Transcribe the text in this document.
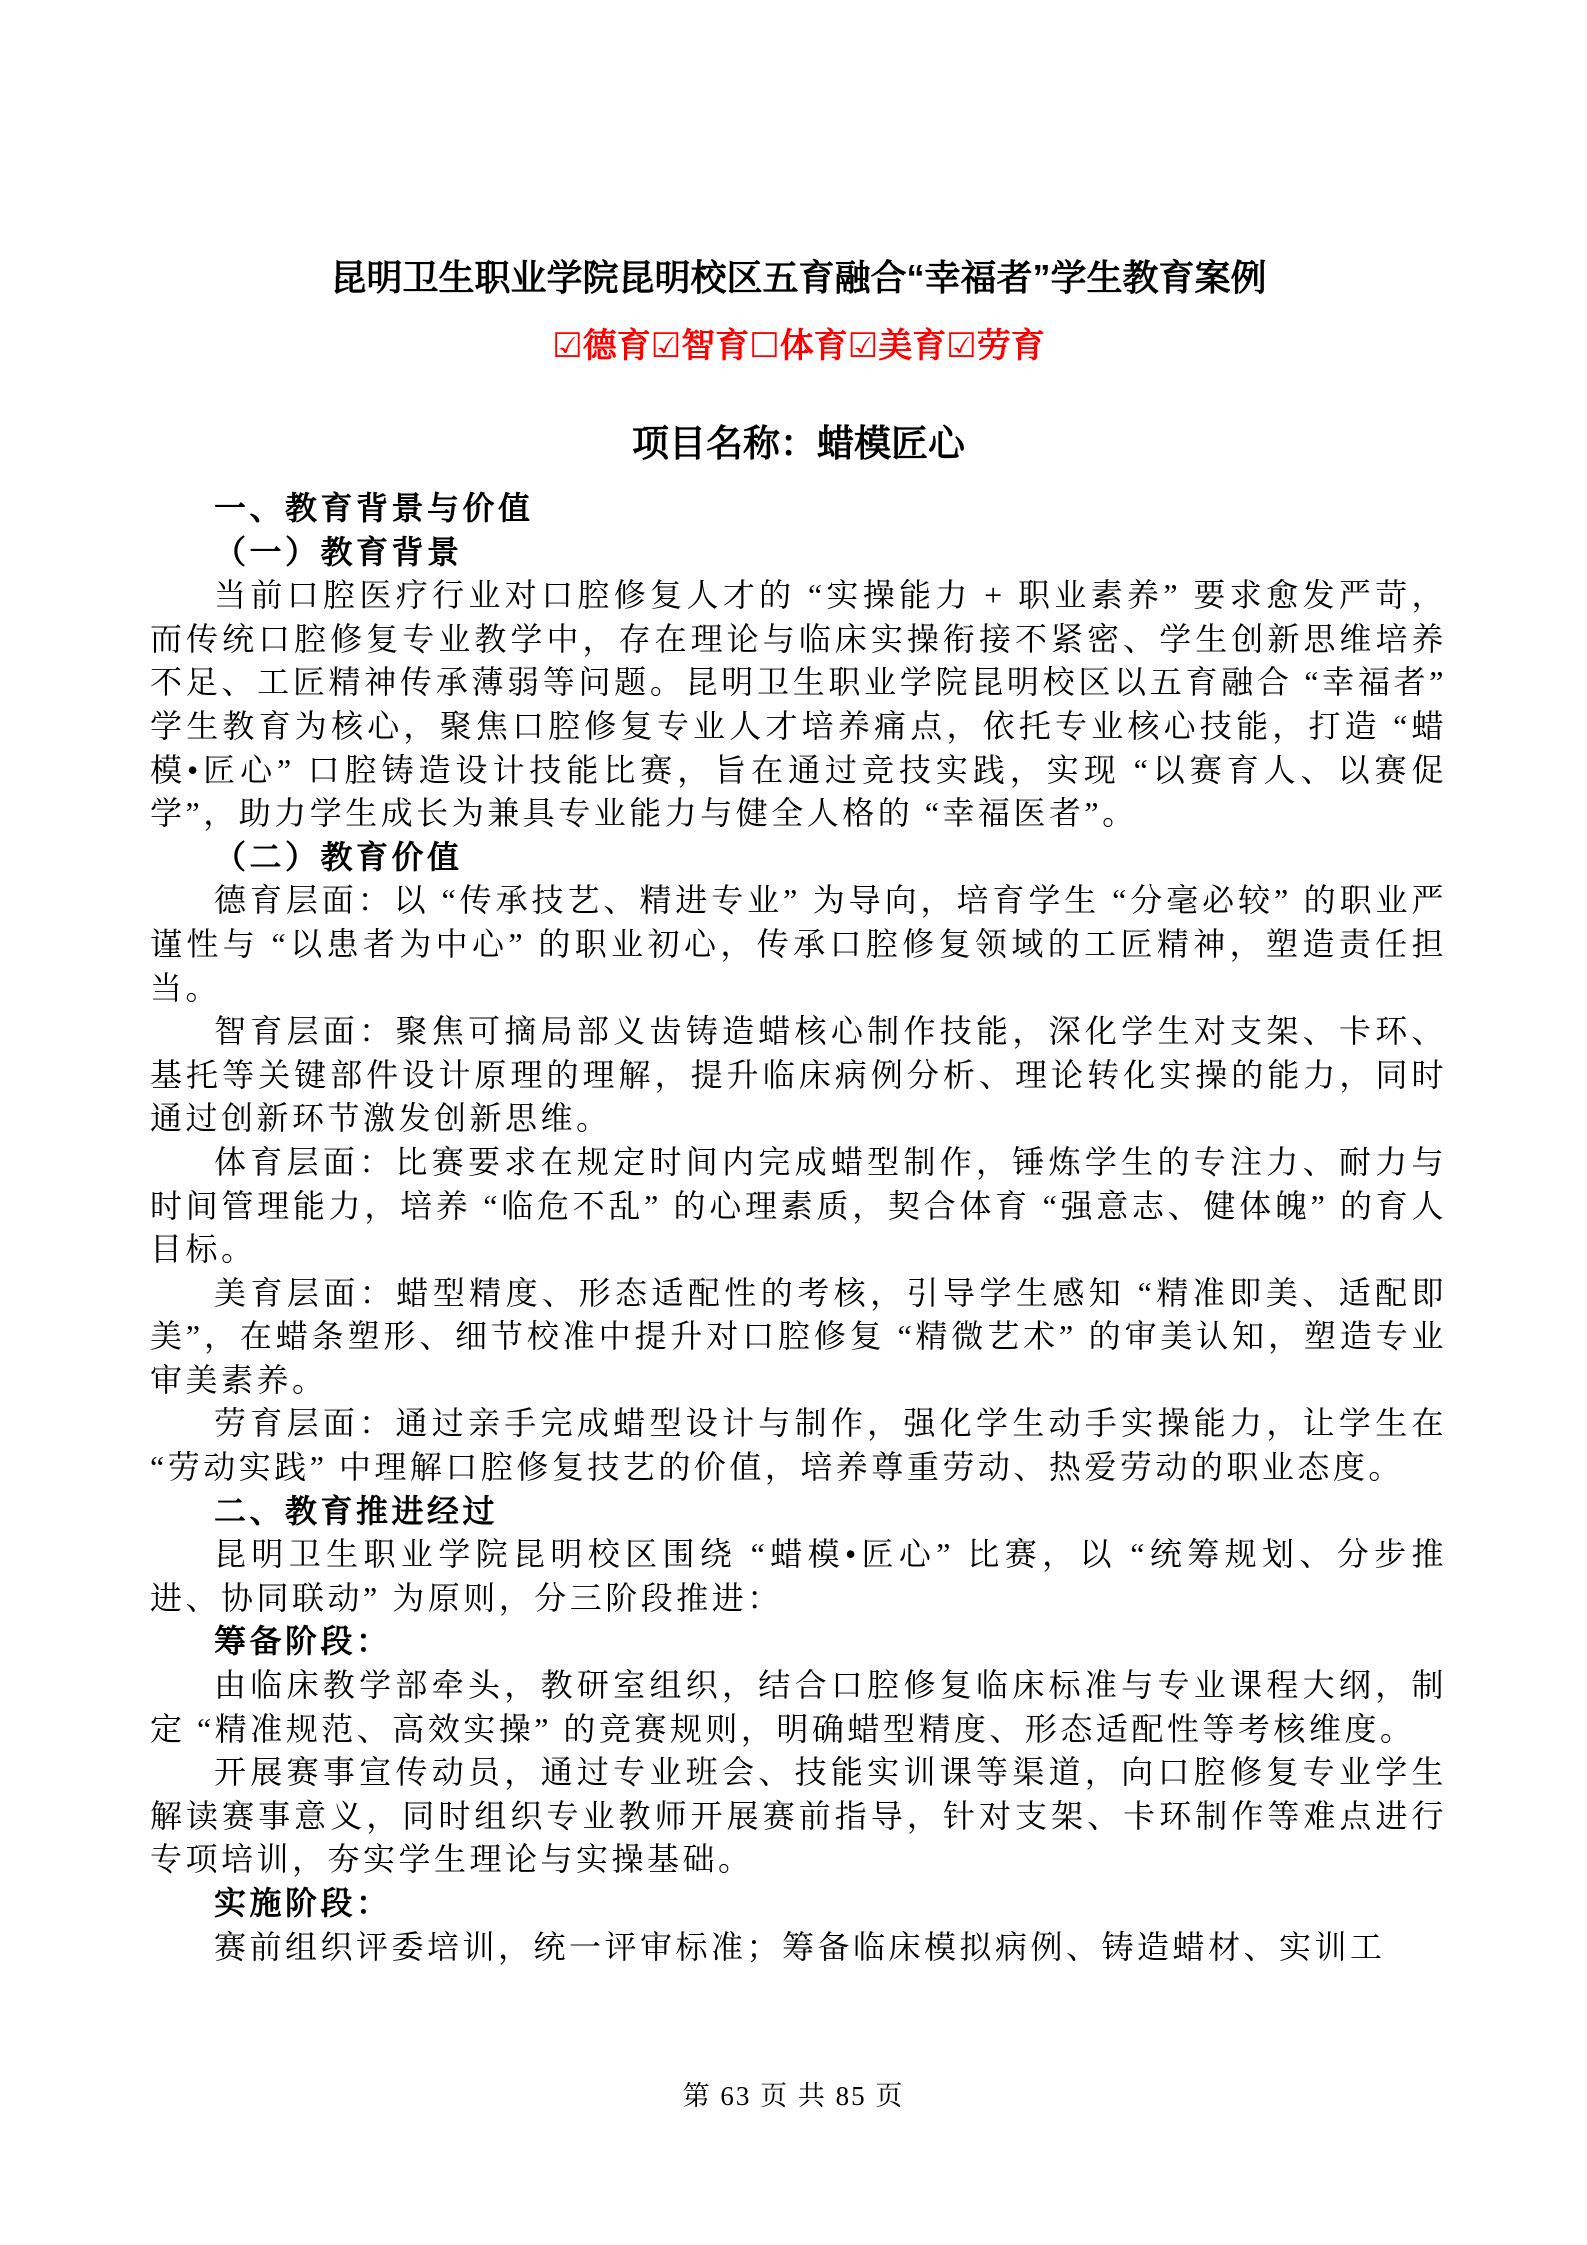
昆明卫生职业学院昆明校区五育融合“幸福者”学生教育案例
☑德育☑智育☐体育☑美育☑劳育
项目名称：蜡模匠心

一、教育背景与价值

（一）教育背景

当前口腔医疗行业对口腔修复人才的 “实操能力 + 职业素养” 要求愈发严苛，而传统口腔修复专业教学中，存在理论与临床实操衔接不紧密、学生创新思维培养不足、工匠精神传承薄弱等问题。昆明卫生职业学院昆明校区以五育融合 “幸福者” 学生教育为核心，聚焦口腔修复专业人才培养痛点，依托专业核心技能，打造 “蜡模•匠心” 口腔铸造设计技能比赛，旨在通过竞技实践，实现 “以赛育人、以赛促学”，助力学生成长为兼具专业能力与健全人格的 “幸福医者”。

（二）教育价值

德育层面：以 “传承技艺、精进专业” 为导向，培育学生 “分毫必较” 的职业严谨性与 “以患者为中心” 的职业初心，传承口腔修复领域的工匠精神，塑造责任担当。

智育层面：聚焦可摘局部义齿铸造蜡核心制作技能，深化学生对支架、卡环、基托等关键部件设计原理的理解，提升临床病例分析、理论转化实操的能力，同时通过创新环节激发创新思维。

体育层面：比赛要求在规定时间内完成蜡型制作，锤炼学生的专注力、耐力与时间管理能力，培养 “临危不乱” 的心理素质，契合体育 “强意志、健体魄” 的育人目标。

美育层面：蜡型精度、形态适配性的考核，引导学生感知 “精准即美、适配即美”，在蜡条塑形、细节校准中提升对口腔修复 “精微艺术” 的审美认知，塑造专业审美素养。

劳育层面：通过亲手完成蜡型设计与制作，强化学生动手实操能力，让学生在 “劳动实践” 中理解口腔修复技艺的价值，培养尊重劳动、热爱劳动的职业态度。

二、教育推进经过

昆明卫生职业学院昆明校区围绕 “蜡模•匠心” 比赛，以 “统筹规划、分步推进、协同联动” 为原则，分三阶段推进：

筹备阶段：

由临床教学部牵头，教研室组织，结合口腔修复临床标准与专业课程大纲，制定 “精准规范、高效实操” 的竞赛规则，明确蜡型精度、形态适配性等考核维度。

开展赛事宣传动员，通过专业班会、技能实训课等渠道，向口腔修复专业学生解读赛事意义，同时组织专业教师开展赛前指导，针对支架、卡环制作等难点进行专项培训，夯实学生理论与实操基础。

实施阶段：

赛前组织评委培训，统一评审标准；筹备临床模拟病例、铸造蜡材、实训工

第 63 页 共 85 页
